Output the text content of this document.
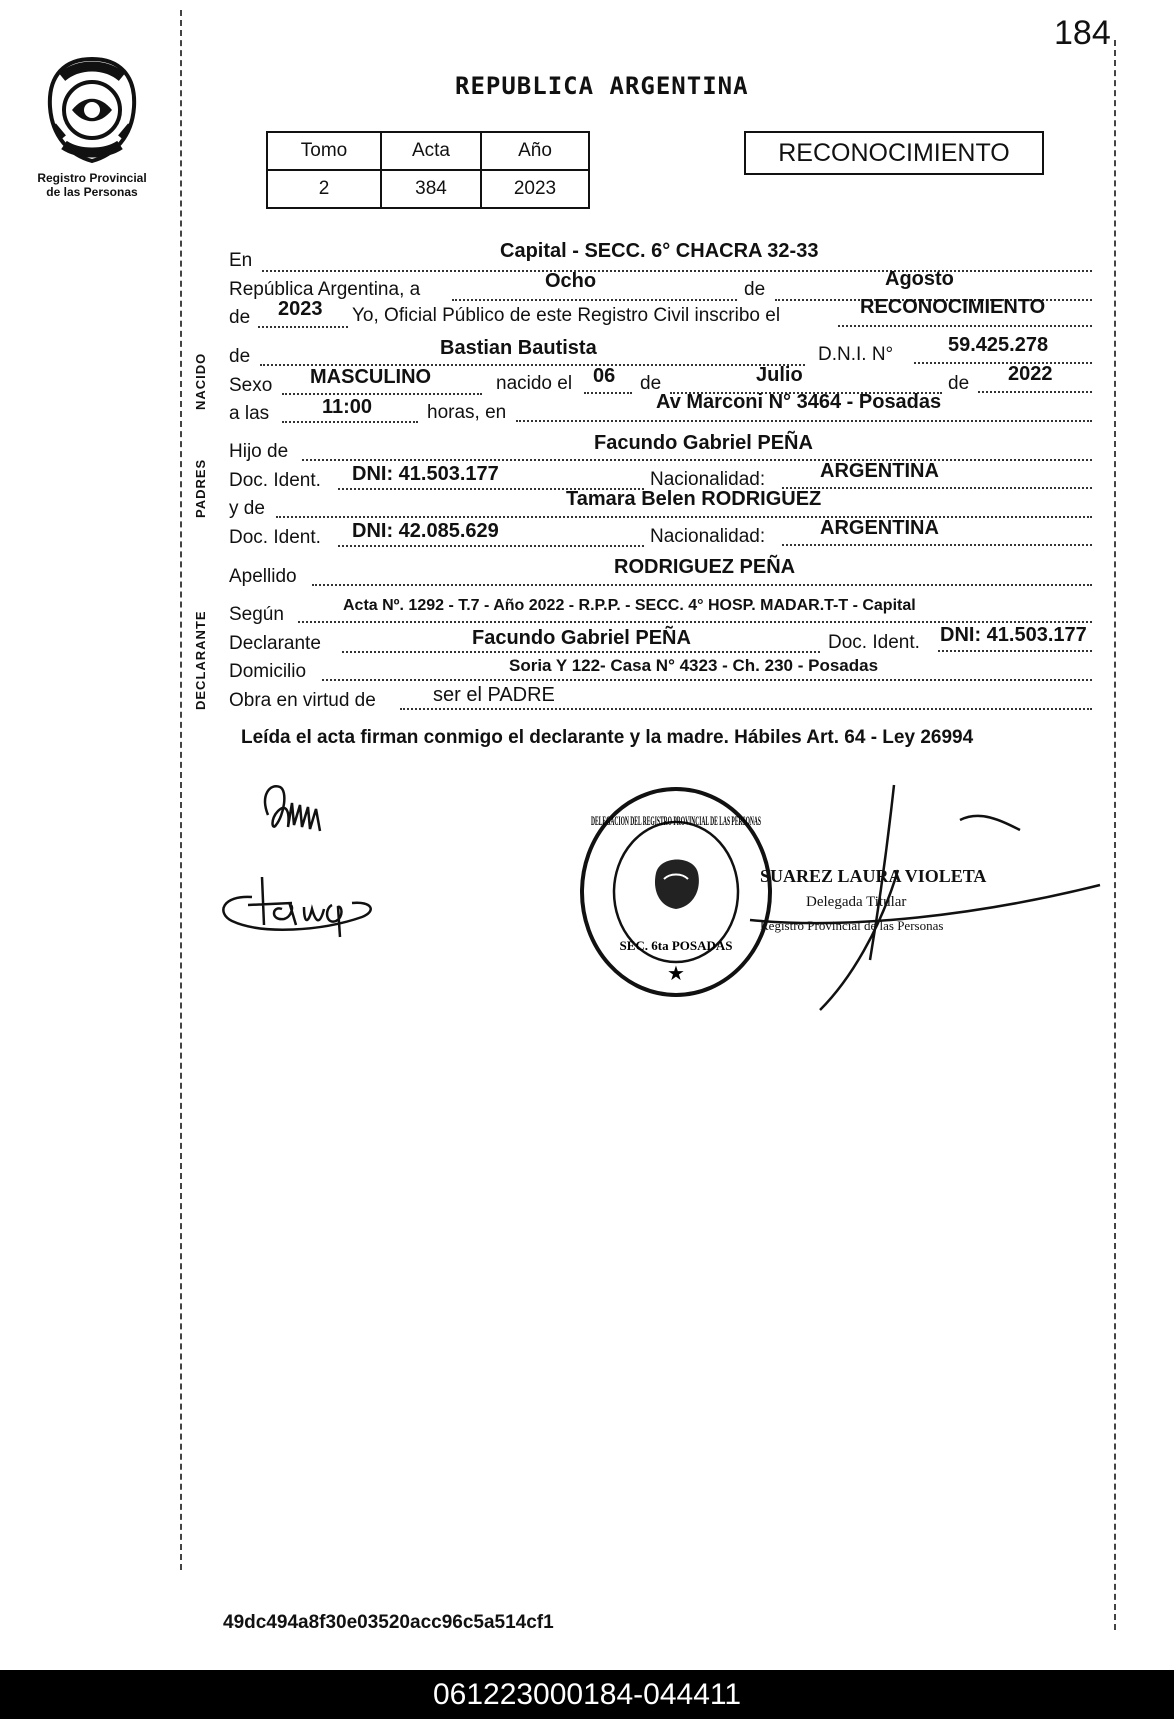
184
REPUBLICA ARGENTINA
Registro Provincial
de las Personas
Tomo	Acta	Año
2	384	2023
RECONOCIMIENTO
En	Capital - SECC. 6° CHACRA 32-33
República Argentina, a	Ocho	de	Agosto
de 2023 Yo, Oficial Público de este Registro Civil inscribo el	RECONOCIMIENTO
NACIDO de	Bastian Bautista	D.N.I. N°	59.425.278
Sexo MASCULINO	nacido el 06 de	Julio	de 2022
a las	11:00	horas, en	Av Marconi N° 3464 - Posadas
PADRES
Hijo de	Facundo Gabriel PEÑA
Doc. Ident. DNI: 41.503.177	Nacionalidad:	ARGENTINA
y de	Tamara Belen RODRIGUEZ
Doc. Ident. DNI: 42.085.629	Nacionalidad:	ARGENTINA
Apellido	RODRIGUEZ PEÑA
DECLARANTE Según	Acta Nº. 1292 - T.7 - Año 2022 - R.P.P. - SECC. 4° HOSP. MADAR.T-T - Capital
Declarante	Facundo Gabriel PEÑA	Doc. Ident. DNI: 41.503.177
Domicilio	Soria Y 122- Casa N° 4323 - Ch. 230 - Posadas
Obra en virtud de	ser el PADRE
Leída el acta firman conmigo el declarante y la madre. Hábiles Art. 64 - Ley 26994
DELEGACION DEL REGISTRO PROVINCIAL DE LAS PERSONAS
SEC. 6ta POSADAS
★
SUAREZ LAURA VIOLETA
Delegada Titular
Registro Provincial de las Personas
49dc494a8f30e03520acc96c5a514cf1
061223000184-044411
